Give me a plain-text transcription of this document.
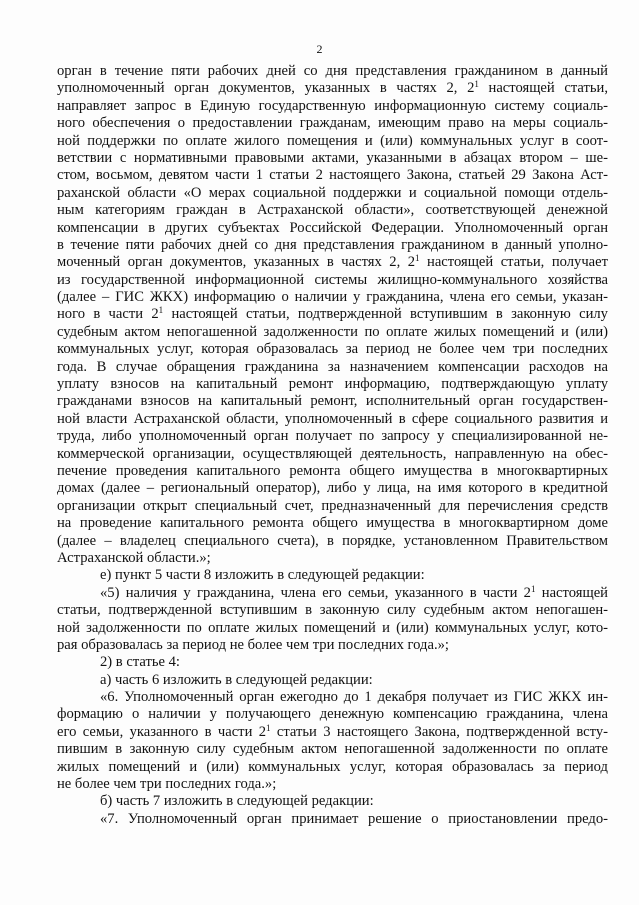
2
орган в течение пяти рабочих дней со дня представления гражданином в данный
уполномоченный орган документов, указанных в частях 2, $2^1$ настоящей статьи,
направляет запрос в Единую государственную информационную систему социаль-
ного обеспечения о предоставлении гражданам, имеющим право на меры социаль-
ной поддержки по оплате жилого помещения и (или) коммунальных услуг в соот-
ветствии с нормативными правовыми актами, указанными в абзацах втором – ше-
стом, восьмом, девятом части 1 статьи 2 настоящего Закона, статьей 29 Закона Аст-
раханской области «О мерах социальной поддержки и социальной помощи отдель-
ным категориям граждан в Астраханской области», соответствующей денежной
компенсации в других субъектах Российской Федерации. Уполномоченный орган
в течение пяти рабочих дней со дня представления гражданином в данный уполно-
моченный орган документов, указанных в частях 2, $2^1$ настоящей статьи, получает
из государственной информационной системы жилищно-коммунального хозяйства
(далее – ГИС ЖКХ) информацию о наличии у гражданина, члена его семьи, указан-
ного в части $2^1$ настоящей статьи, подтвержденной вступившим в законную силу
судебным актом непогашенной задолженности по оплате жилых помещений и (или)
коммунальных услуг, которая образовалась за период не более чем три последних
года. В случае обращения гражданина за назначением компенсации расходов на
уплату взносов на капитальный ремонт информацию, подтверждающую уплату
гражданами взносов на капитальный ремонт, исполнительный орган государствен-
ной власти Астраханской области, уполномоченный в сфере социального развития и
труда, либо уполномоченный орган получает по запросу у специализированной не-
коммерческой организации, осуществляющей деятельность, направленную на обес-
печение проведения капитального ремонта общего имущества в многоквартирных
домах (далее – региональный оператор), либо у лица, на имя которого в кредитной
организации открыт специальный счет, предназначенный для перечисления средств
на проведение капитального ремонта общего имущества в многоквартирном доме
(далее – владелец специального счета), в порядке, установленном Правительством
Астраханской области.»;
е) пункт 5 части 8 изложить в следующей редакции:
«5) наличия у гражданина, члена его семьи, указанного в части $2^1$ настоящей
статьи, подтвержденной вступившим в законную силу судебным актом непогашен-
ной задолженности по оплате жилых помещений и (или) коммунальных услуг, кото-
рая образовалась за период не более чем три последних года.»;
2) в статье 4:
а) часть 6 изложить в следующей редакции:
«6. Уполномоченный орган ежегодно до 1 декабря получает из ГИС ЖКХ ин-
формацию о наличии у получающего денежную компенсацию гражданина, члена
его семьи, указанного в части $2^1$ статьи 3 настоящего Закона, подтвержденной всту-
пившим в законную силу судебным актом непогашенной задолженности по оплате
жилых помещений и (или) коммунальных услуг, которая образовалась за период
не более чем три последних года.»;
б) часть 7 изложить в следующей редакции:
«7. Уполномоченный орган принимает решение о приостановлении предо-
